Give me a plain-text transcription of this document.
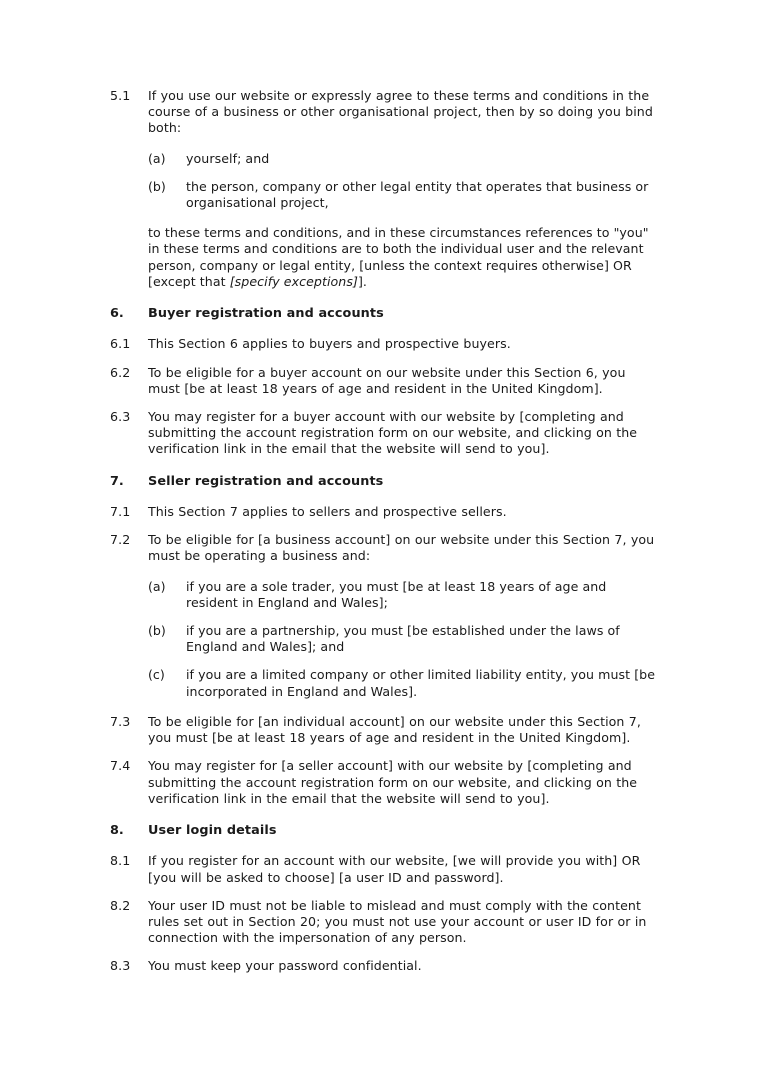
5.1	If you use our website or expressly agree to these terms and conditions in the course of a business or other organisational project, then by so doing you bind both:
(a)	yourself; and
(b)	the person, company or other legal entity that operates that business or organisational project,
to these terms and conditions, and in these circumstances references to "you" in these terms and conditions are to both the individual user and the relevant person, company or legal entity, [unless the context requires otherwise] OR [except that [specify exceptions]].
6.	Buyer registration and accounts
6.1	This Section 6 applies to buyers and prospective buyers.
6.2	To be eligible for a buyer account on our website under this Section 6, you must [be at least 18 years of age and resident in the United Kingdom].
6.3	You may register for a buyer account with our website by [completing and submitting the account registration form on our website, and clicking on the verification link in the email that the website will send to you].
7.	Seller registration and accounts
7.1	This Section 7 applies to sellers and prospective sellers.
7.2	To be eligible for [a business account] on our website under this Section 7, you must be operating a business and:
(a)	if you are a sole trader, you must [be at least 18 years of age and resident in England and Wales];
(b)	if you are a partnership, you must [be established under the laws of England and Wales]; and
(c)	if you are a limited company or other limited liability entity, you must [be incorporated in England and Wales].
7.3	To be eligible for [an individual account] on our website under this Section 7, you must [be at least 18 years of age and resident in the United Kingdom].
7.4	You may register for [a seller account] with our website by [completing and submitting the account registration form on our website, and clicking on the verification link in the email that the website will send to you].
8.	User login details
8.1	If you register for an account with our website, [we will provide you with] OR [you will be asked to choose] [a user ID and password].
8.2	Your user ID must not be liable to mislead and must comply with the content rules set out in Section 20; you must not use your account or user ID for or in connection with the impersonation of any person.
8.3	You must keep your password confidential.
